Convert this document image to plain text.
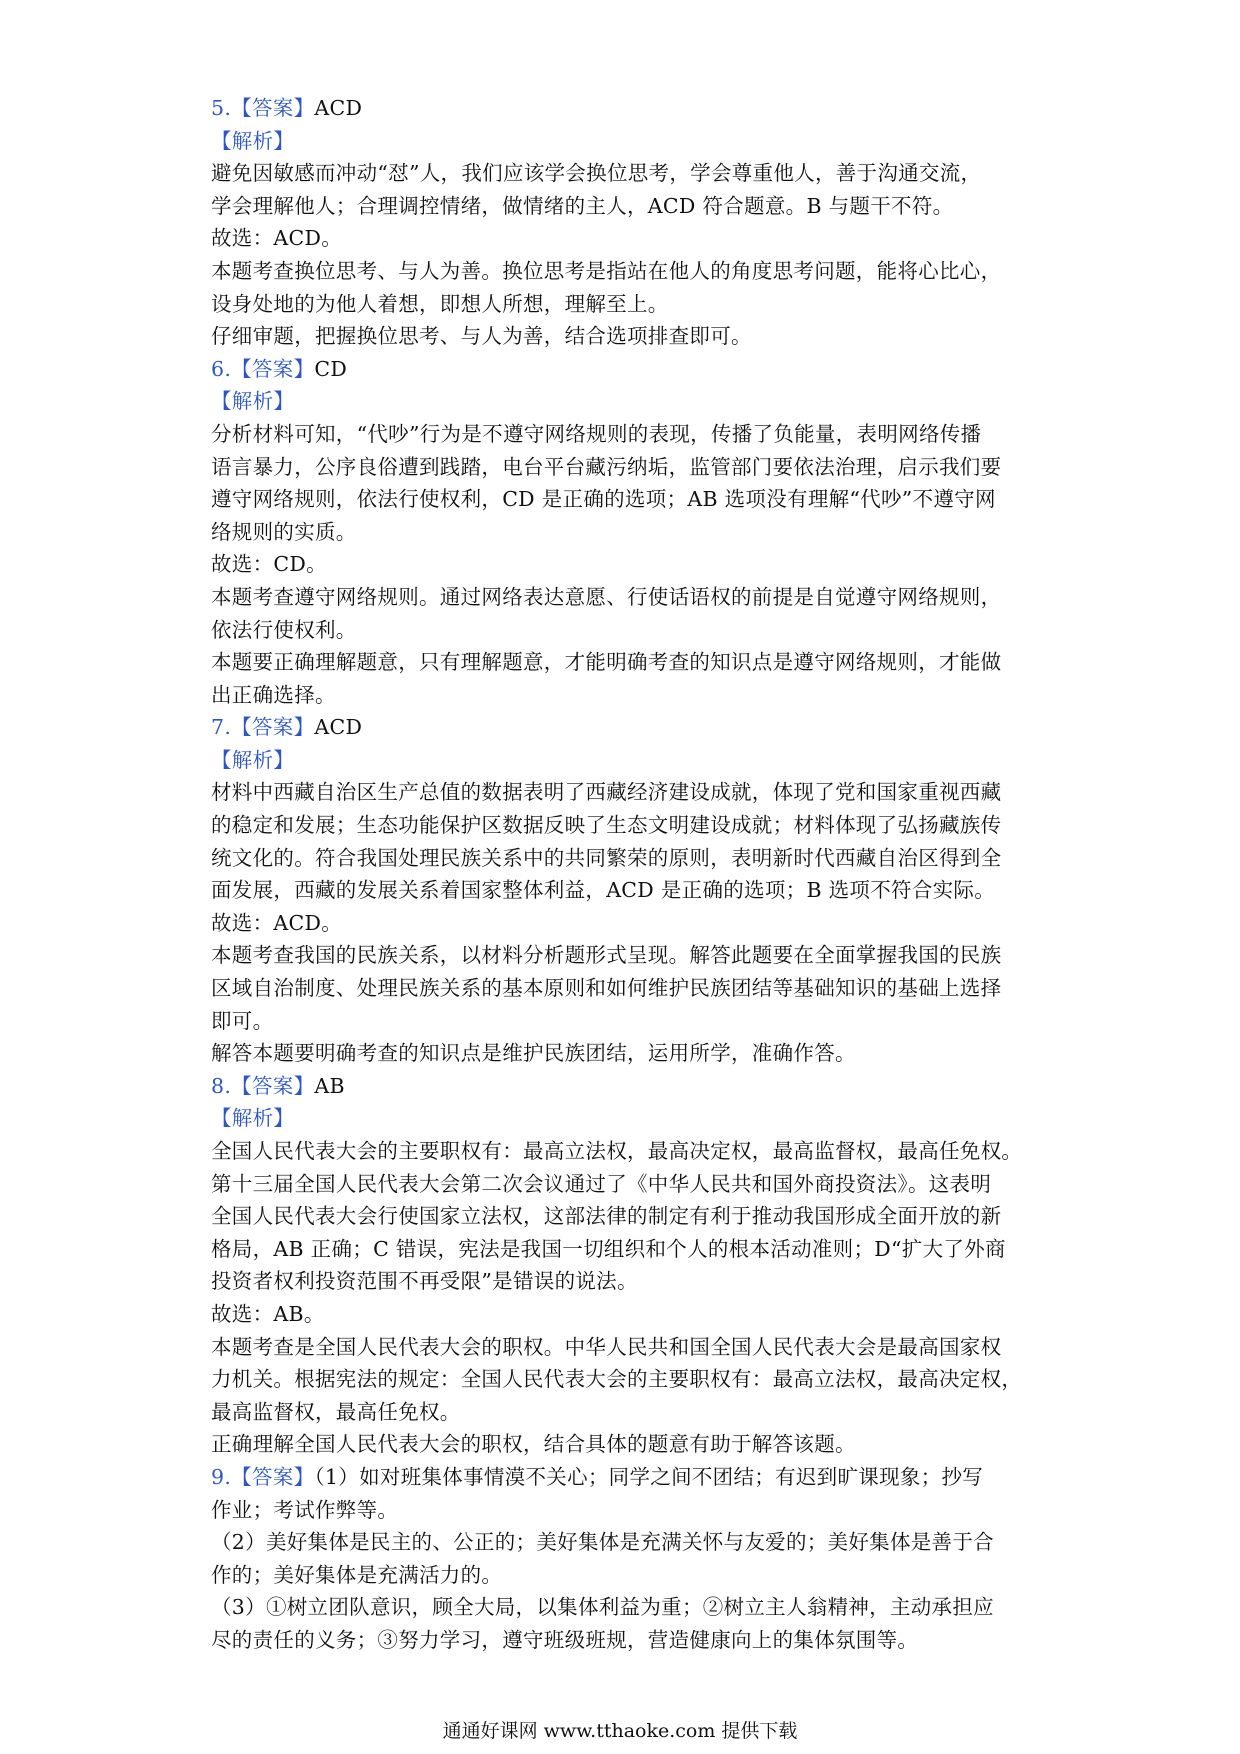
5.【答案】ACD
【解析】
避免因敏感而冲动“怼”人，我们应该学会换位思考，学会尊重他人，善于沟通交流，
学会理解他人；合理调控情绪，做情绪的主人，ACD 符合题意。B 与题干不符。
故选：ACD。
本题考查换位思考、与人为善。换位思考是指站在他人的角度思考问题，能将心比心，
设身处地的为他人着想，即想人所想，理解至上。
仔细审题，把握换位思考、与人为善，结合选项排查即可。
6.【答案】CD
【解析】
分析材料可知，“代吵”行为是不遵守网络规则的表现，传播了负能量，表明网络传播
语言暴力，公序良俗遭到践踏，电台平台藏污纳垢，监管部门要依法治理，启示我们要
遵守网络规则，依法行使权利，CD 是正确的选项；AB 选项没有理解“代吵”不遵守网
络规则的实质。
故选：CD。
本题考查遵守网络规则。通过网络表达意愿、行使话语权的前提是自觉遵守网络规则，
依法行使权利。
本题要正确理解题意，只有理解题意，才能明确考查的知识点是遵守网络规则，才能做
出正确选择。
7.【答案】ACD
【解析】
材料中西藏自治区生产总值的数据表明了西藏经济建设成就，体现了党和国家重视西藏
的稳定和发展；生态功能保护区数据反映了生态文明建设成就；材料体现了弘扬藏族传
统文化的。符合我国处理民族关系中的共同繁荣的原则，表明新时代西藏自治区得到全
面发展，西藏的发展关系着国家整体利益，ACD 是正确的选项；B 选项不符合实际。
故选：ACD。
本题考查我国的民族关系，以材料分析题形式呈现。解答此题要在全面掌握我国的民族
区域自治制度、处理民族关系的基本原则和如何维护民族团结等基础知识的基础上选择
即可。
解答本题要明确考查的知识点是维护民族团结，运用所学，准确作答。
8.【答案】AB
【解析】
全国人民代表大会的主要职权有：最高立法权，最高决定权，最高监督权，最高任免权。
第十三届全国人民代表大会第二次会议通过了《中华人民共和国外商投资法》。这表明
全国人民代表大会行使国家立法权，这部法律的制定有利于推动我国形成全面开放的新
格局，AB 正确；C 错误，宪法是我国一切组织和个人的根本活动准则；D“扩大了外商
投资者权利投资范围不再受限”是错误的说法。
故选：AB。
本题考查是全国人民代表大会的职权。中华人民共和国全国人民代表大会是最高国家权
力机关。根据宪法的规定：全国人民代表大会的主要职权有：最高立法权，最高决定权，
最高监督权，最高任免权。
正确理解全国人民代表大会的职权，结合具体的题意有助于解答该题。
9.【答案】（1）如对班集体事情漠不关心；同学之间不团结；有迟到旷课现象；抄写
作业；考试作弊等。
（2）美好集体是民主的、公正的；美好集体是充满关怀与友爱的；美好集体是善于合
作的；美好集体是充满活力的。
（3）①树立团队意识，顾全大局，以集体利益为重；②树立主人翁精神，主动承担应
尽的责任的义务；③努力学习，遵守班级班规，营造健康向上的集体氛围等。
通通好课网 www.tthaoke.com 提供下载
